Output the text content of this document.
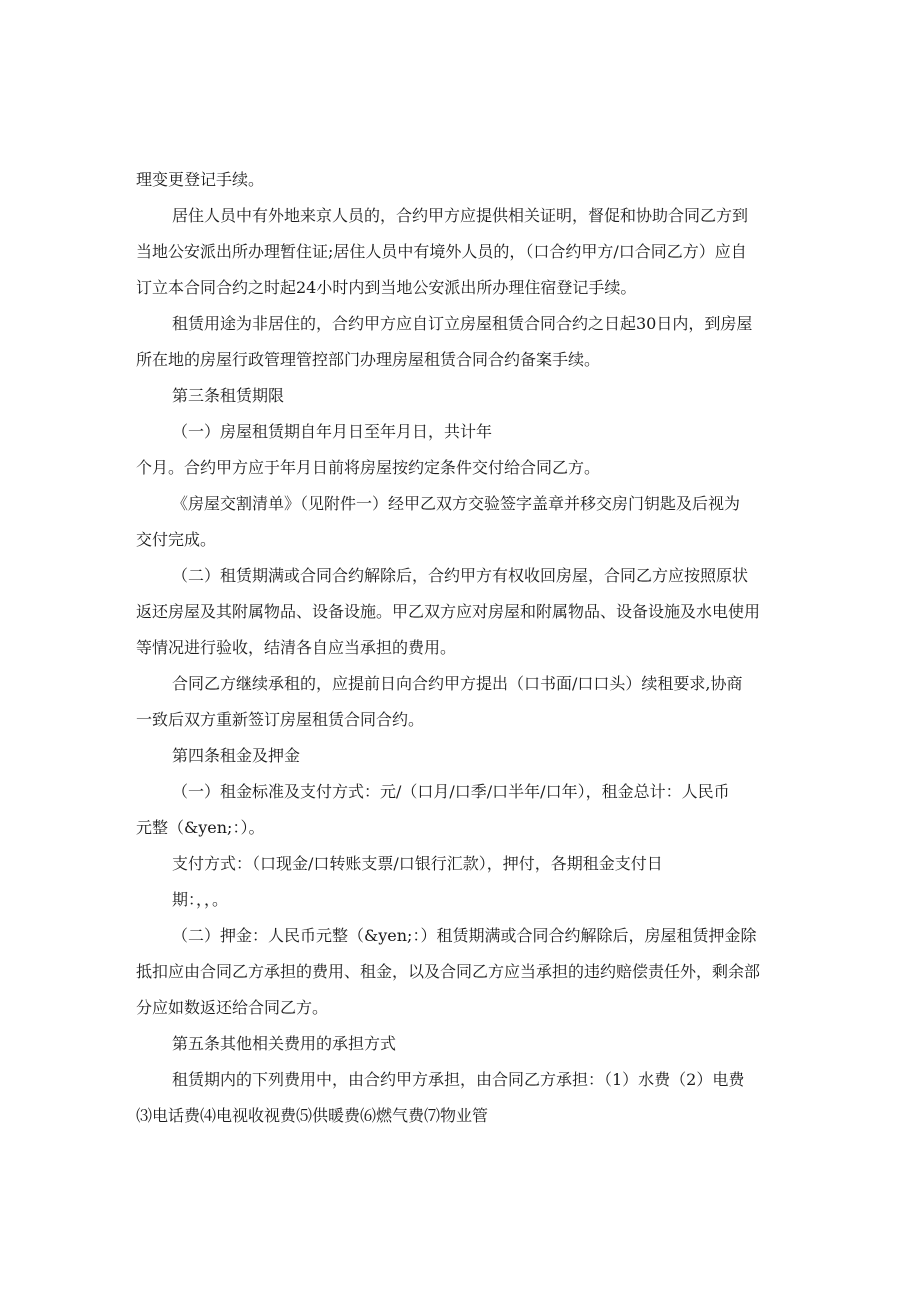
理变更登记手续。
居住人员中有外地来京人员的，合约甲方应提供相关证明，督促和协助合同乙方到
当地公安派出所办理暂住证;居住人员中有境外人员的，（口合约甲方/口合同乙方）应自
订立本合同合约之时起24小时内到当地公安派出所办理住宿登记手续。
租赁用途为非居住的，合约甲方应自订立房屋租赁合同合约之日起30日内，到房屋
所在地的房屋行政管理管控部门办理房屋租赁合同合约备案手续。
第三条租赁期限
（一）房屋租赁期自年月日至年月日，共计年
个月。合约甲方应于年月日前将房屋按约定条件交付给合同乙方。
《房屋交割清单》（见附件一）经甲乙双方交验签字盖章并移交房门钥匙及后视为
交付完成。
（二）租赁期满或合同合约解除后，合约甲方有权收回房屋，合同乙方应按照原状
返还房屋及其附属物品、设备设施。甲乙双方应对房屋和附属物品、设备设施及水电使用
等情况进行验收，结清各自应当承担的费用。
合同乙方继续承租的，应提前日向合约甲方提出（口书面/口口头）续租要求,协商
一致后双方重新签订房屋租赁合同合约。
第四条租金及押金
（一）租金标准及支付方式：元/（口月/口季/口半年/口年），租金总计：人民币
元整（&yen;：）。
支付方式：（口现金/口转账支票/口银行汇款），押付，各期租金支付日
期：，，。
（二）押金：人民币元整（&yen;：）租赁期满或合同合约解除后，房屋租赁押金除
抵扣应由合同乙方承担的费用、租金，以及合同乙方应当承担的违约赔偿责任外，剩余部
分应如数返还给合同乙方。
第五条其他相关费用的承担方式
租赁期内的下列费用中，由合约甲方承担，由合同乙方承担：（1）水费（2）电费
⑶电话费⑷电视收视费⑸供暖费⑹燃气费⑺物业管
